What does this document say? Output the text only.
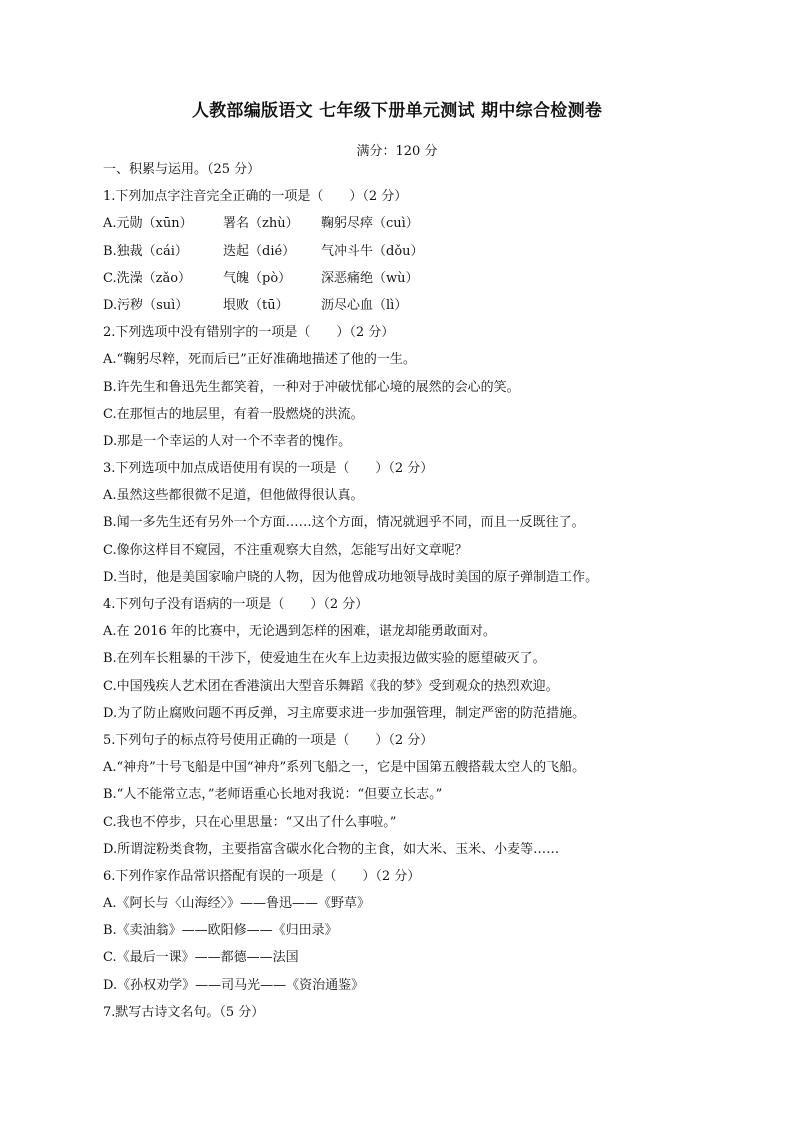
人教部编版语文 七年级下册单元测试 期中综合检测卷
满分：120 分
一、积累与运用。（25 分）
1.下列加点字注音完全正确的一项是（　　）（2 分）
A.元勋（xūn） 署名（zhù） 鞠躬尽瘁（cuì）
B.独裁（cái）	迭起（dié） 气冲斗牛（dǒu）
C.洗澡（zǎo） 气魄（pò） 深恶痛绝（wù）
D.污秽（suì）	垠败（tū） 沥尽心血（lì）
2.下列选项中没有错别字的一项是（　　）（2 分）
A.“鞠躬尽粹，死而后已”正好准确地描述了他的一生。
B.许先生和鲁迅先生都笑着，一种对于冲破忧郁心境的展然的会心的笑。
C.在那恒古的地层里，有着一股燃烧的洪流。
D.那是一个幸运的人对一个不幸者的愧作。
3.下列选项中加点成语使用有误的一项是（　　）（2 分）
A.虽然这些都很微不足道，但他做得很认真。
B.闻一多先生还有另外一个方面……这个方面，情况就迥乎不同，而且一反既往了。
C.像你这样目不窥园，不注重观察大自然，怎能写出好文章呢？
D.当时，他是美国家喻户晓的人物，因为他曾成功地领导战时美国的原子弹制造工作。
4.下列句子没有语病的一项是（　　）（2 分）
A.在 2016 年的比赛中，无论遇到怎样的困难，谌龙却能勇敢面对。
B.在列车长粗暴的干涉下，使爱迪生在火车上边卖报边做实验的愿望破灭了。
C.中国残疾人艺术团在香港演出大型音乐舞蹈《我的梦》受到观众的热烈欢迎。
D.为了防止腐败问题不再反弹，习主席要求进一步加强管理，制定严密的防范措施。
5.下列句子的标点符号使用正确的一项是（　　）（2 分）
A.“神舟”十号飞船是中国“神舟”系列飞船之一，它是中国第五艘搭载太空人的飞船。
B.“人不能常立志，”老师语重心长地对我说：“但要立长志。”
C.我也不停步，只在心里思量：“又出了什么事啦。”
D.所谓淀粉类食物，主要指富含碳水化合物的主食，如大米、玉米、小麦等……
6.下列作家作品常识搭配有误的一项是（　　）（2 分）
A.《阿长与〈山海经〉》——鲁迅——《野草》
B.《卖油翁》——欧阳修——《归田录》
C.《最后一课》——都德——法国
D.《孙权劝学》——司马光——《资治通鉴》
7.默写古诗文名句。（5 分）
